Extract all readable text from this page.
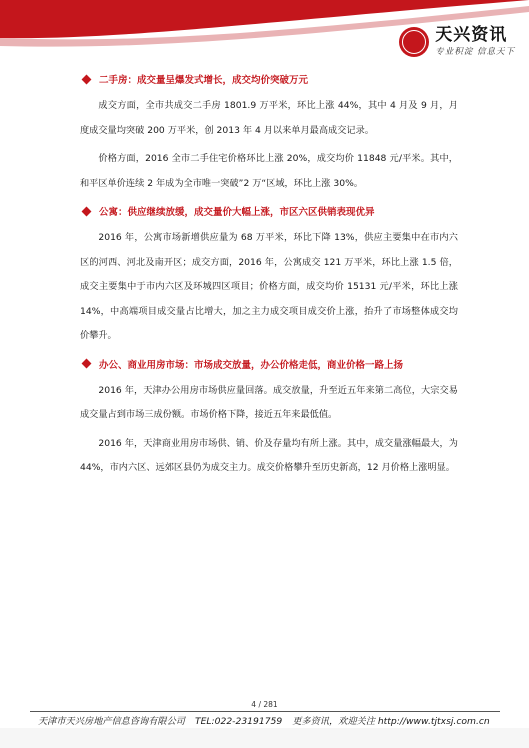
天兴资讯
专业积淀 信息天下
二手房：成交量呈爆发式增长，成交均价突破万元

成交方面，全市共成交二手房 1801.9 万平米，环比上涨 44%，其中 4 月及 9 月，月度成交量均突破 200 万平米，创 2013 年 4 月以来单月最高成交记录。

价格方面，2016 全市二手住宅价格环比上涨 20%，成交均价 11848 元/平米。其中，和平区单价连续 2 年成为全市唯一突破”2 万“区域，环比上涨 30%。

公寓：供应继续放缓，成交量价大幅上涨，市区六区供销表现优异

2016 年，公寓市场新增供应量为 68 万平米，环比下降 13%，供应主要集中在市内六区的河西、河北及南开区；成交方面，2016 年，公寓成交 121 万平米，环比上涨 1.5 倍，成交主要集中于市内六区及环城四区项目；价格方面，成交均价 15131 元/平米，环比上涨 14%，中高端项目成交量占比增大，加之主力成交项目成交价上涨，抬升了市场整体成交均价攀升。

办公、商业用房市场：市场成交放量，办公价格走低，商业价格一路上扬

2016 年，天津办公用房市场供应量回落。成交放量，升至近五年来第二高位，大宗交易成交量占到市场三成份额。市场价格下降，接近五年来最低值。

2016 年，天津商业用房市场供、销、价及存量均有所上涨。其中，成交量涨幅最大，为 44%，市内六区、远郊区县仍为成交主力。成交价格攀升至历史新高，12 月价格上涨明显。

4 / 281
天津市天兴房地产信息咨询有限公司 TEL:022-23191759 更多资讯，欢迎关注 http://www.tjtxsj.com.cn
